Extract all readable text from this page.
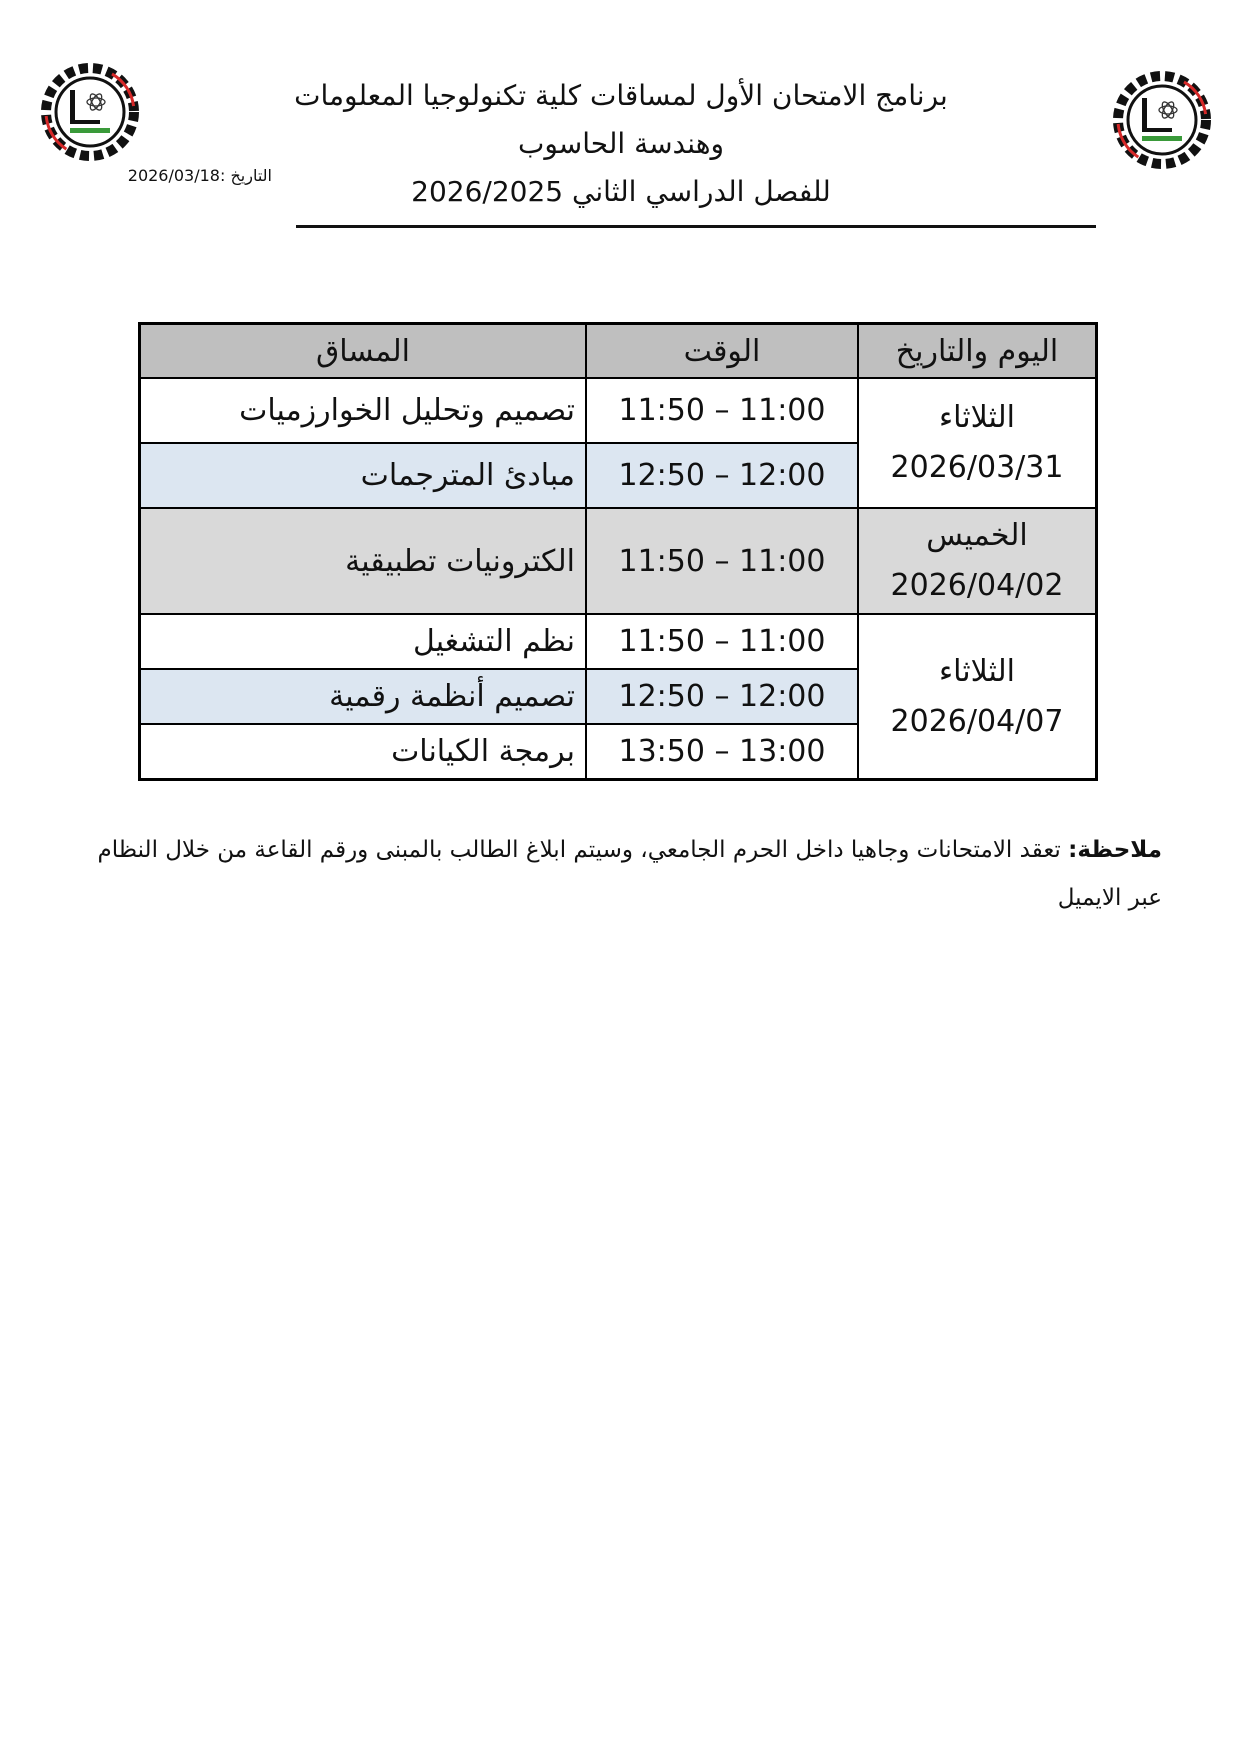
برنامج الامتحان الأول لمساقات كلية تكنولوجيا المعلومات
وهندسة الحاسوب
للفصل الدراسي الثاني 2026/2025
التاريخ :2026/03/18
اليوم والتاريخ	الوقت	المساق

الثلاثاء
2026/03/31	11:50 – 11:00	تصميم وتحليل الخوارزميات
	12:50 – 12:00	مبادئ المترجمات

الخميس
2026/04/02	11:50 – 11:00	الكترونيات تطبيقية

الثلاثاء
2026/04/07	11:50 – 11:00	نظم التشغيل
	12:50 – 12:00	تصميم أنظمة رقمية
	13:50 – 13:00	برمجة الكيانات
ملاحظة: تعقد الامتحانات وجاهيا داخل الحرم الجامعي، وسيتم ابلاغ الطالب بالمبنى ورقم القاعة من خلال النظام عبر الايميل
